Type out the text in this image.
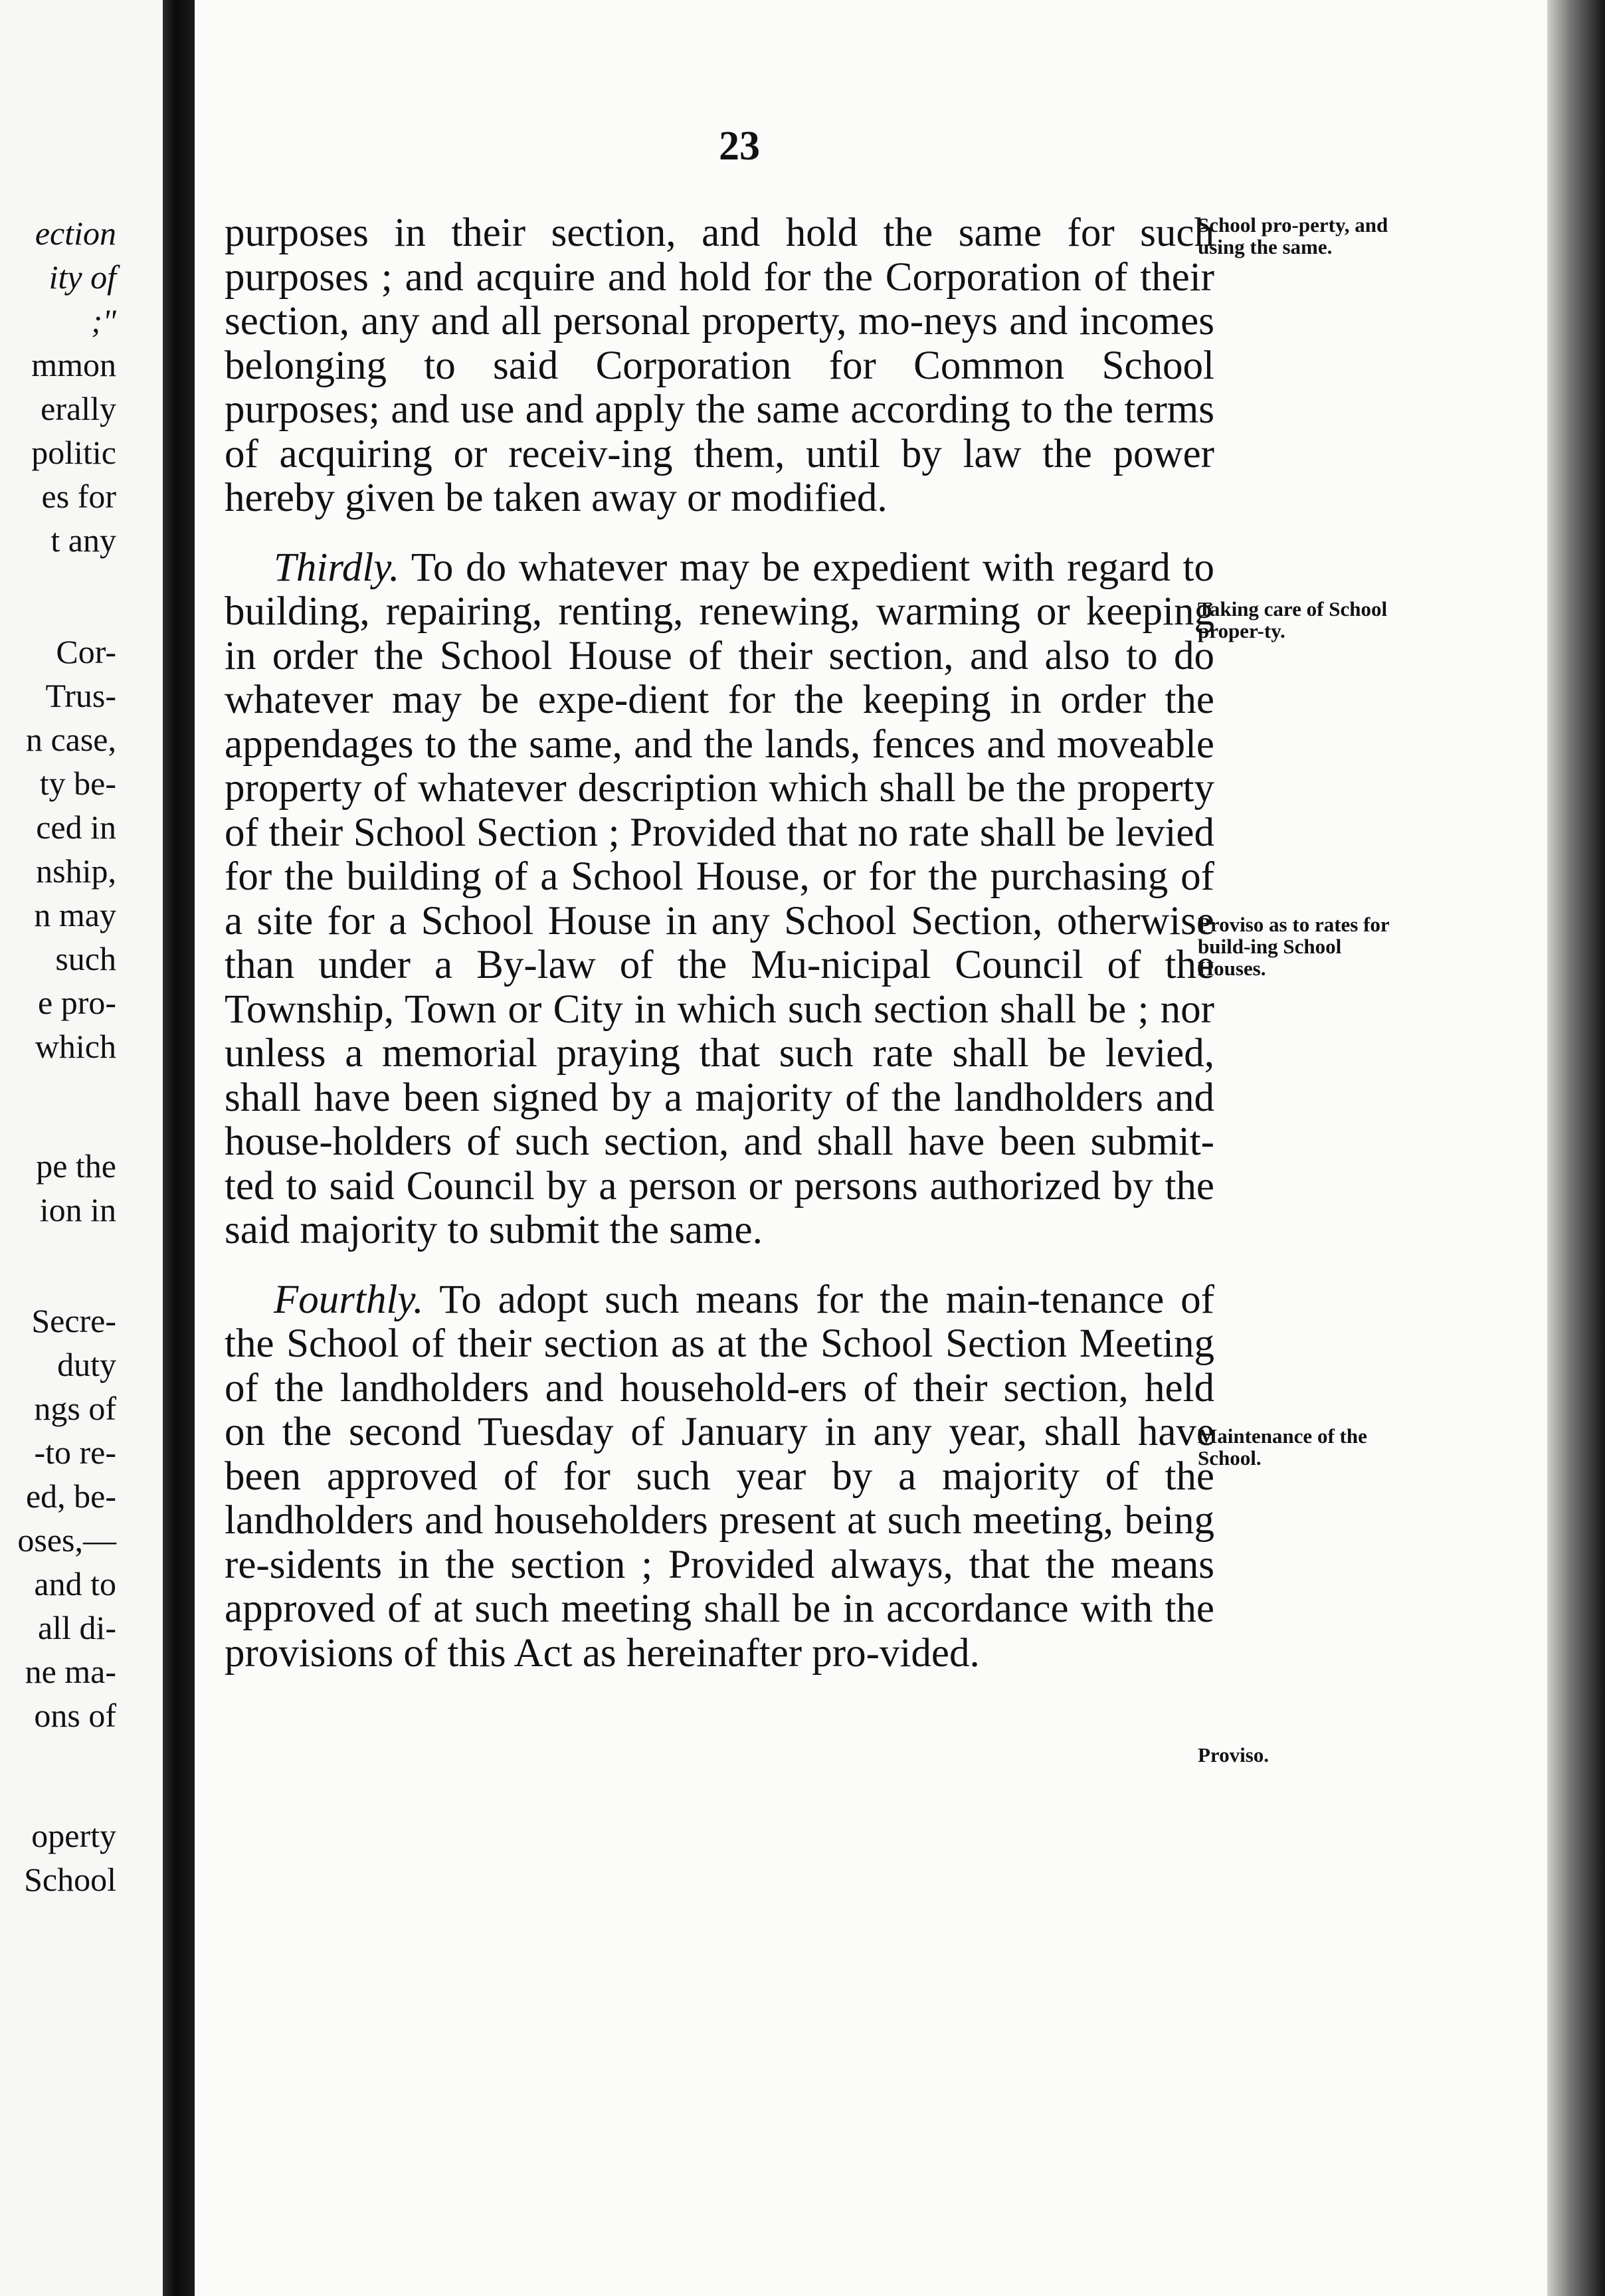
ection
ity of
;"
mmon
erally
politic
es for
t any
Cor-
Trus-
n case,
ty be-
ced in
nship,
n may
such
e pro-
which
pe the
ion in
Secre-
duty
ngs of
-to re-
ed, be-
oses,—
and to
all di-
ne ma-
ons of
operty
School
23

purposes in their section, and hold the same for such purposes ; and acquire and hold for the Corporation of their section, any and all personal property, mo-neys and incomes belonging to said Corporation for Common School purposes; and use and apply the same according to the terms of acquiring or receiv-ing them, until by law the power hereby given be taken away or modified.

Thirdly. To do whatever may be expedient with regard to building, repairing, renting, renewing, warming or keeping in order the School House of their section, and also to do whatever may be expe-dient for the keeping in order the appendages to the same, and the lands, fences and moveable property of whatever description which shall be the property of their School Section ; Provided that no rate shall be levied for the building of a School House, or for the purchasing of a site for a School House in any School Section, otherwise than under a By-law of the Mu-nicipal Council of the Township, Town or City in which such section shall be ; nor unless a memorial praying that such rate shall be levied, shall have been signed by a majority of the landholders and house-holders of such section, and shall have been submit-ted to said Council by a person or persons authorized by the said majority to submit the same.

Fourthly. To adopt such means for the main-tenance of the School of their section as at the School Section Meeting of the landholders and household-ers of their section, held on the second Tuesday of January in any year, shall have been approved of for such year by a majority of the landholders and householders present at such meeting, being re-sidents in the section ; Provided always, that the means approved of at such meeting shall be in accordance with the provisions of this Act as hereinafter pro-vided.

School pro-perty, and using the same.
Taking care of School proper-ty.
Proviso as to rates for build-ing School Houses.
Maintenance of the School.
Proviso.
